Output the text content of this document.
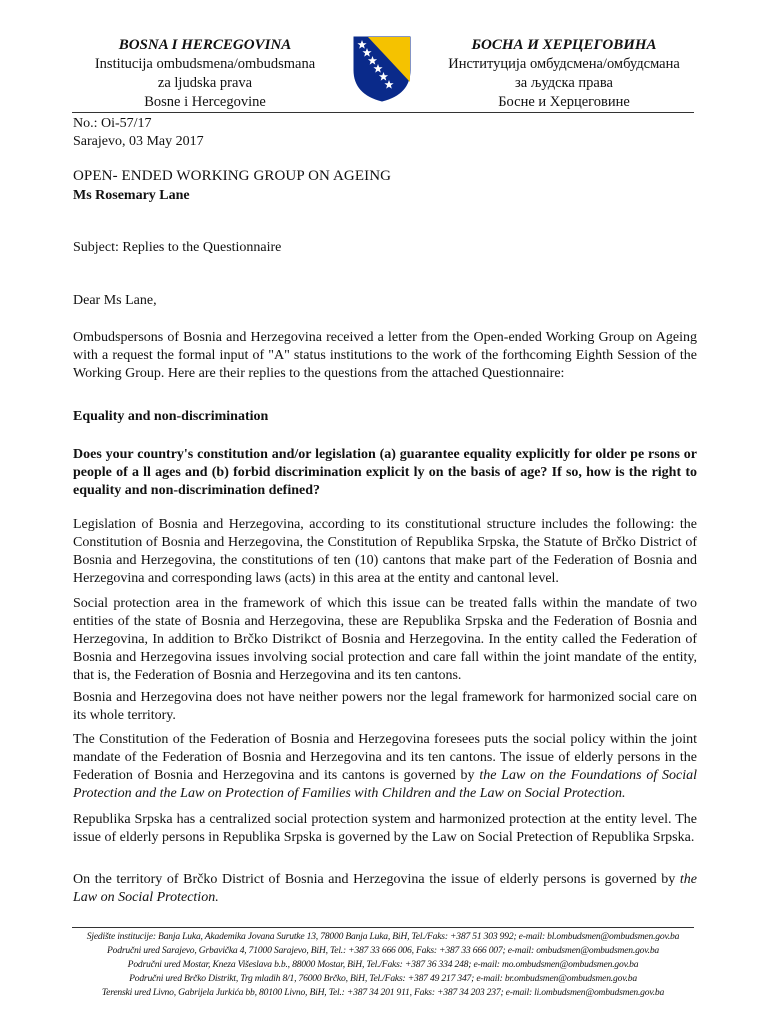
BOSNA I HERCEGOVINA
Institucija ombudsmena/ombudsmana
za ljudska prava
Bosne i Hercegovine
БОСНА И ХЕРЦЕГОВИНА
Институција омбудсмена/омбудсмана
за људска права
Босне и Херцеговине
No.: Oi-57/17
Sarajevo, 03 May 2017
OPEN- ENDED WORKING GROUP ON AGEING
Ms Rosemary Lane
Subject: Replies to the Questionnaire
Dear Ms Lane,
Ombudspersons of Bosnia and Herzegovina received a letter from the Open-ended Working Group on Ageing with a request the formal input of "A" status institutions to the work of the forthcoming Eighth Session of the Working Group. Here are their replies to the questions from the attached Questionnaire:
Equality and non-discrimination
Does your country's constitution and/or legislation (a) guarantee equality explicitly for older pe rsons or people of a ll ages and (b) forbid discrimination explicit ly on the basis of age? If so, how is the right to equality and non-discrimination defined?
Legislation of Bosnia and Herzegovina, according to its constitutional structure includes the following: the Constitution of Bosnia and Herzegovina, the Constitution of Republika Srpska, the Statute of Brčko District of Bosnia and Herzegovina, the constitutions of ten (10) cantons that make part of the Federation of Bosnia and Herzegovina and corresponding laws (acts) in this area at the entity and cantonal level.
Social protection area in the framework of which this issue can be treated falls within the mandate of two entities of the state of Bosnia and Herzegovina, these are Republika Srpska and the Federation of Bosnia and Herzegovina, In addition to Brčko Distrikct of Bosnia and Herzegovina. In the entity called the Federation of Bosnia and Herzegovina issues involving social protection and care fall within the joint mandate of the entity, that is, the Federation of Bosnia and Herzegovina and its ten cantons.
Bosnia and Herzegovina does not have neither powers nor the legal framework for harmonized social care on its whole territory.
The Constitution of the Federation of Bosnia and Herzegovina foresees puts the social policy within the joint mandate of the Federation of Bosnia and Herzegovina and its ten cantons. The issue of elderly persons in the Federation of Bosnia and Herzegovina and its cantons is governed by the Law on the Foundations of Social Protection and the Law on Protection of Families with Children and the Law on Social Protection.
Republika Srpska has a centralized social protection system and harmonized protection at the entity level. The issue of elderly persons in Republika Srpska is governed by the Law on Social Pretection of Republika Srpska.
On the territory of Brčko District of Bosnia and Herzegovina the issue of elderly persons is governed by the Law on Social Protection.
Sjedište institucije: Banja Luka, Akademika Jovana Surutke 13, 78000 Banja Luka, BiH, Tel./Faks: +387 51 303 992; e-mail: bl.ombudsmen@ombudsmen.gov.ba
Područni ured Sarajevo, Grbavička 4, 71000 Sarajevo, BiH, Tel.: +387 33 666 006, Faks: +387 33 666 007; e-mail: ombudsmen@ombudsmen.gov.ba
Područni ured Mostar, Kneza Višeslava b.b., 88000 Mostar, BiH, Tel./Faks: +387 36 334 248; e-mail: mo.ombudsmen@ombudsmen.gov.ba
Područni ured Brčko Distrikt, Trg mladih 8/1, 76000 Brčko, BiH, Tel./Faks: +387 49 217 347; e-mail: br.ombudsmen@ombudsmen.gov.ba
Terenski ured Livno, Gabrijela Jurkića bb, 80100 Livno, BiH, Tel.: +387 34 201 911, Faks: +387 34 203 237; e-mail: li.ombudsmen@ombudsmen.gov.ba
